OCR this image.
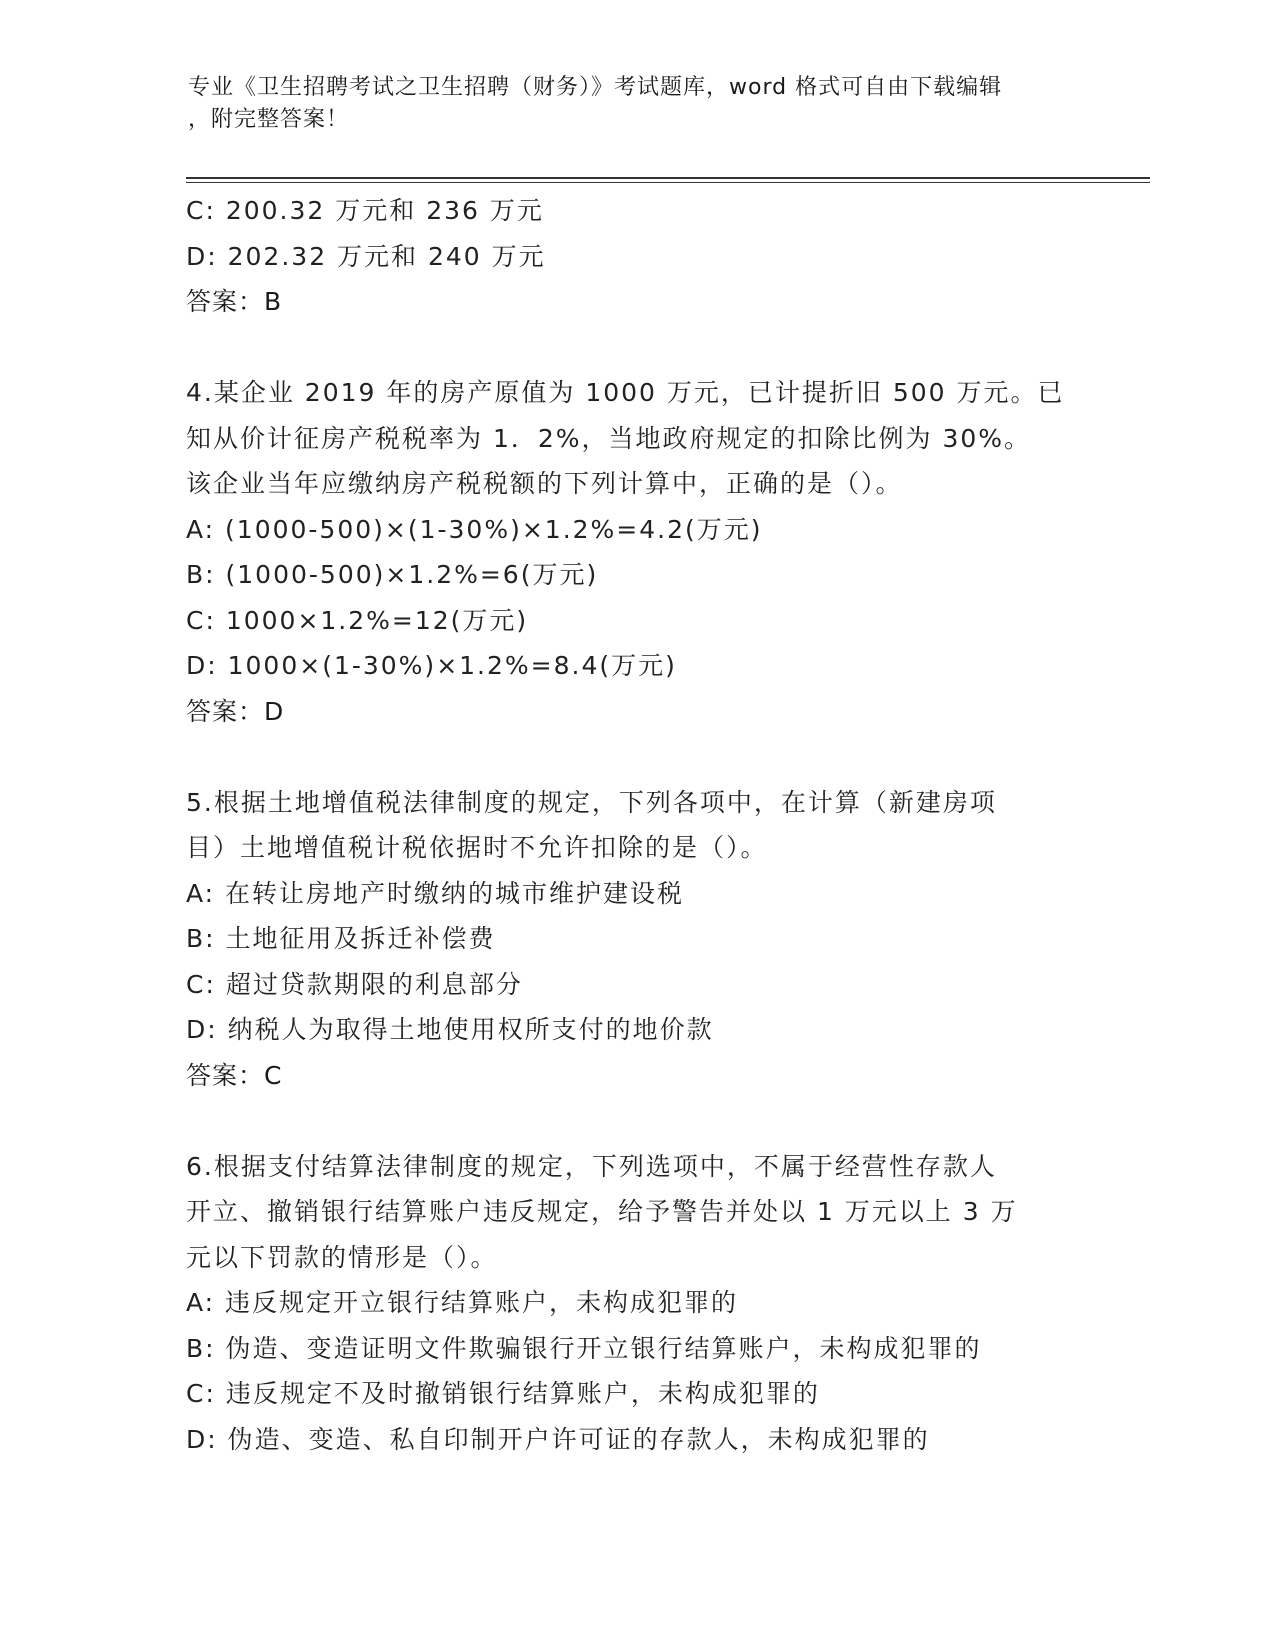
专业《卫生招聘考试之卫生招聘（财务）》考试题库，word 格式可自由下载编辑
，附完整答案！
C: 200.32 万元和 236 万元
D: 202.32 万元和 240 万元
答案：B
4.某企业 2019 年的房产原值为 1000 万元，已计提折旧 500 万元。已
知从价计征房产税税率为 1．2%，当地政府规定的扣除比例为 30%。
该企业当年应缴纳房产税税额的下列计算中，正确的是（）。
A: (1000-500)×(1-30%)×1.2%=4.2(万元)
B: (1000-500)×1.2%=6(万元)
C: 1000×1.2%=12(万元)
D: 1000×(1-30%)×1.2%=8.4(万元)
答案：D
5.根据土地增值税法律制度的规定，下列各项中，在计算（新建房项
目）土地增值税计税依据时不允许扣除的是（）。
A: 在转让房地产时缴纳的城市维护建设税
B: 土地征用及拆迁补偿费
C: 超过贷款期限的利息部分
D: 纳税人为取得土地使用权所支付的地价款
答案：C
6.根据支付结算法律制度的规定，下列选项中，不属于经营性存款人
开立、撤销银行结算账户违反规定，给予警告并处以 1 万元以上 3 万
元以下罚款的情形是（）。
A: 违反规定开立银行结算账户，未构成犯罪的
B: 伪造、变造证明文件欺骗银行开立银行结算账户，未构成犯罪的
C: 违反规定不及时撤销银行结算账户，未构成犯罪的
D: 伪造、变造、私自印制开户许可证的存款人，未构成犯罪的
